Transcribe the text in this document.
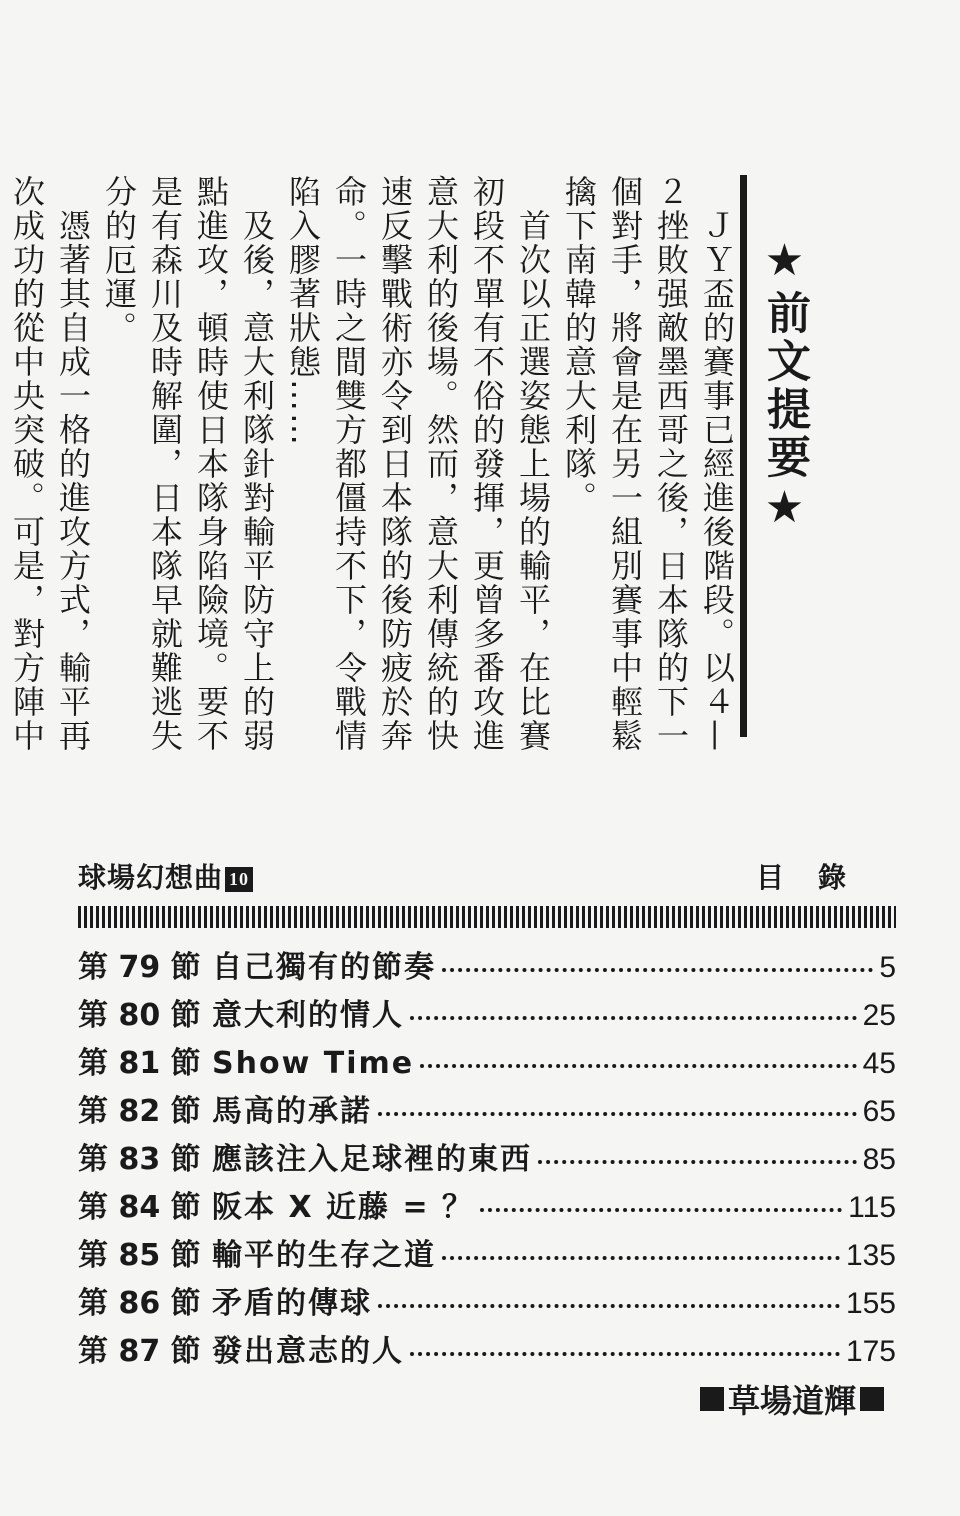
★前文提要★

　ＪＹ盃的賽事已經進後階段。以４—２挫敗强敵墨西哥之後，日本隊的下一個對手，將會是在另一組別賽事中輕鬆擒下南韓的意大利隊。

　首次以正選姿態上場的輸平，在比賽初段不單有不俗的發揮，更曾多番攻進意大利的後場。然而，意大利傳統的快速反擊戰術亦令到日本隊的後防疲於奔命。一時之間雙方都僵持不下，令戰情陷入膠著狀態……

　及後，意大利隊針對輸平防守上的弱點進攻，頓時使日本隊身陷險境。要不是有森川及時解圍，日本隊早就難逃失分的厄運。

　憑著其自成一格的進攻方式，輸平再次成功的從中央突破。可是，對方陣中

球場幻想曲 10	目錄
第 79 節 自己獨有的節奏	5
第 80 節 意大利的情人	25
第 81 節 Show Time	45
第 82 節 馬高的承諾	65
第 83 節 應該注入足球裡的東西	85
第 84 節 阪本 X 近藤 = ？	115
第 85 節 輸平的生存之道	135
第 86 節 矛盾的傳球	155
第 87 節 發出意志的人	175
草場道輝
